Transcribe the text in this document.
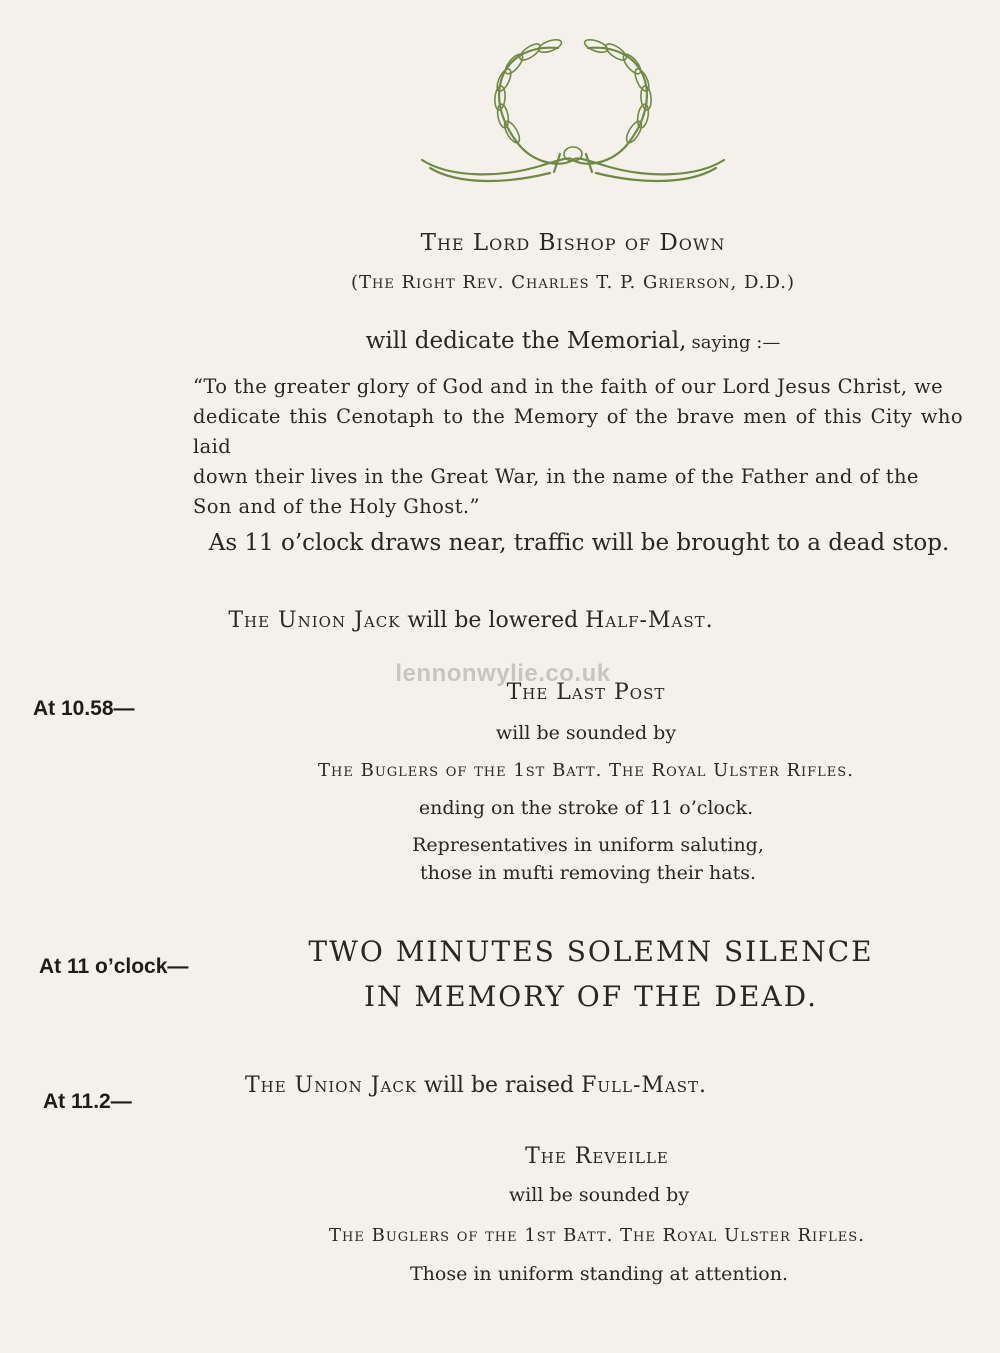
The Lord Bishop of Down
(The Right Rev. Charles T. P. Grierson, D.D.)
will dedicate the Memorial, saying :—

“To the greater glory of God and in the faith of our Lord Jesus Christ, we

dedicate this Cenotaph to the Memory of the brave men of this City who laid

down their lives in the Great War, in the name of the Father and of the

Son and of the Holy Ghost.”

As 11 o’clock draws near, traffic will be brought to a dead stop.
The Union Jack will be lowered Half-Mast.
lennonwylie.co.uk
At 10.58—
The Last Post
will be sounded by
The Buglers of the 1st Batt. The Royal Ulster Rifles.
ending on the stroke of 11 o’clock.
Representatives in uniform saluting,
those in mufti removing their hats.
At 11 o’clock—	TWO MINUTES SOLEMN SILENCE
IN MEMORY OF THE DEAD.
At 11.2—
The Union Jack will be raised Full-Mast.
The Reveille
will be sounded by
The Buglers of the 1st Batt. The Royal Ulster Rifles.
Those in uniform standing at attention.
